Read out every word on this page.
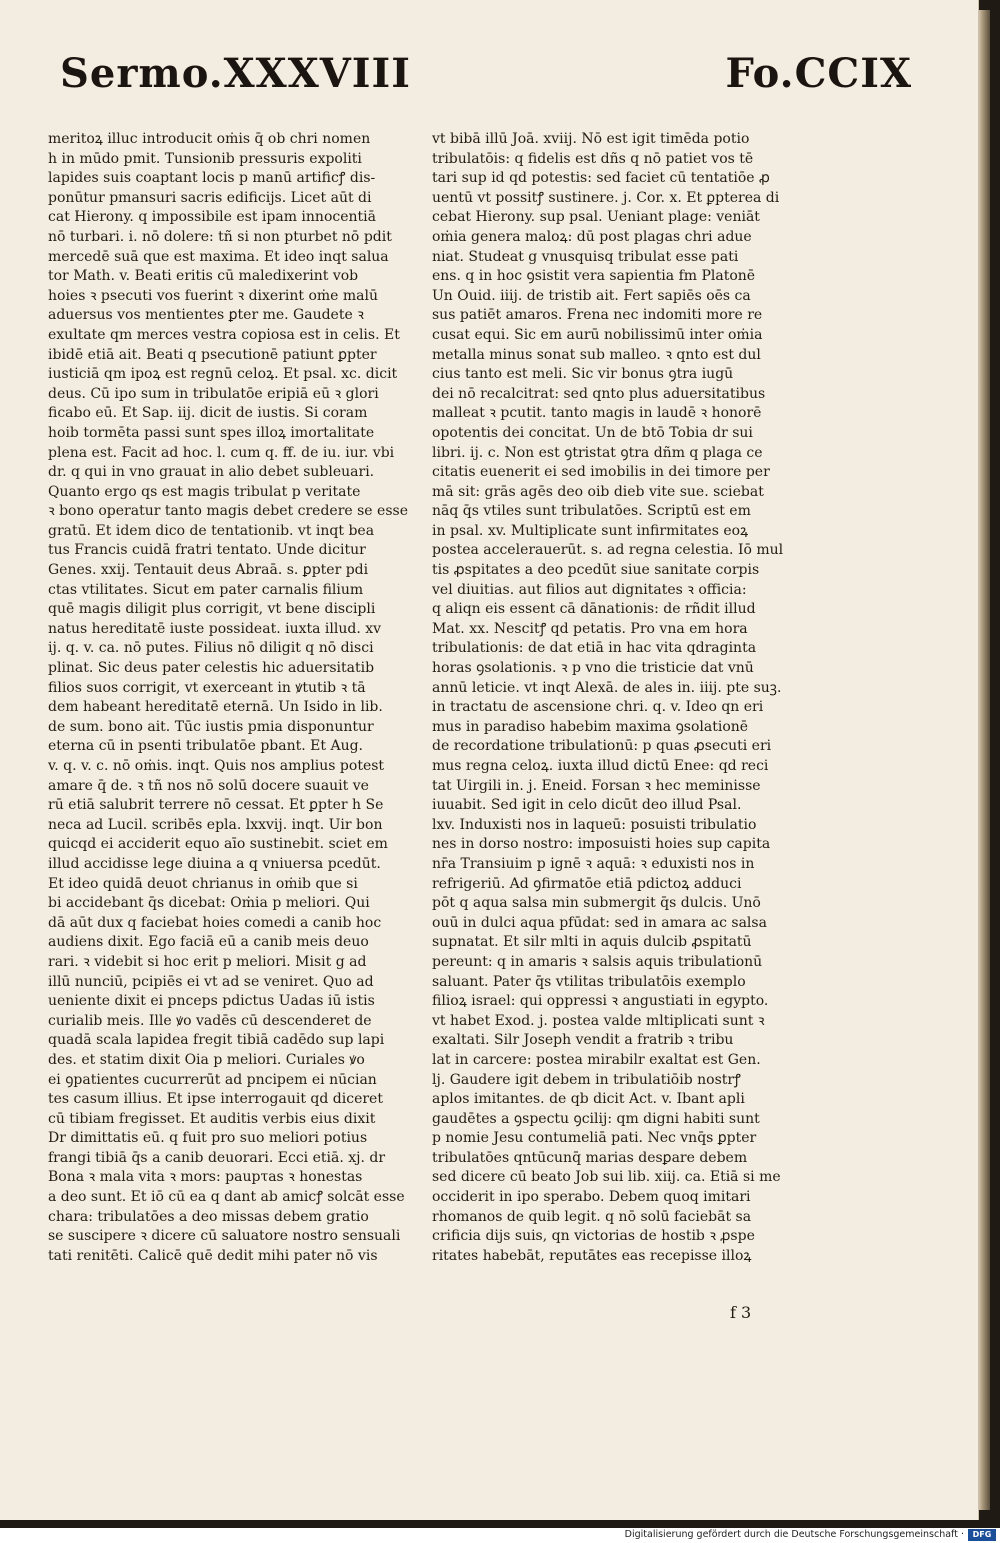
Sermo.XXXVIII	Fo.CCIX
meritoꝝ illuc introducit oṁis q̄ ob chri nomen
h in mūdo pmit. Tunsionib pressuris expoliti
lapides suis coaptant locis p manū artificꝭ dis-
ponūtur pmansuri sacris edificijs. Licet aūt di
cat Hierony. q impossibile est ipam innocentiā
nō turbari. i. nō dolere: tñ si non pturbet nō pdit
mercedē suā que est maxima. Et ideo inqt salua
tor Math. v. Beati eritis cū maledixerint vob
hoies ꝛ psecuti vos fuerint ꝛ dixerint oṁe malū
aduersus vos mentientes ꝑter me. Gaudete ꝛ
exultate qm merces vestra copiosa est in celis. Et
ibidē etiā ait. Beati q psecutionē patiunt ꝑpter
iusticiā qm ipoꝝ est regnū celoꝝ. Et psal. xc. dicit
deus. Cū ipo sum in tribulatōe eripiā eū ꝛ glori
ficabo eū. Et Sap. iij. dicit de iustis. Si coram
hoib tormēta passi sunt spes illoꝝ imortalitate
plena est. Facit ad hoc. l. cum q. ff. de iu. iur. vbi
dr. q qui in vno grauat in alio debet subleuari.
Quanto ergo qs est magis tribulat p veritate
ꝛ bono operatur tanto magis debet credere se esse
gratū. Et idem dico de tentationib. vt inqt bea
tus Francis cuidā fratri tentato. Unde dicitur
Genes. xxij. Tentauit deus Abraā. s. ꝑpter pdi
ctas vtilitates. Sicut em pater carnalis filium
quē magis diligit plus corrigit, vt bene discipli
natus hereditatē iuste possideat. iuxta illud. xv
ij. q. v. ca. nō putes. Filius nō diligit q nō disci
plinat. Sic deus pater celestis hic aduersitatib
filios suos corrigit, vt exerceant in ꝟtutib ꝛ tā
dem habeant hereditatē eternā. Un Isido in lib.
de sum. bono ait. Tūc iustis pmia disponuntur
eterna cū in psenti tribulatōe pbant. Et Aug.
v. q. v. c. nō oṁis. inqt. Quis nos amplius potest
amare q̄ de. ꝛ tñ nos nō solū docere suauit ve
rū etiā salubrit terrere nō cessat. Et ꝑpter h Se
neca ad Lucil. scribēs epla. lxxvij. inqt. Uir bon
quicqd ei acciderit equo aīo sustinebit. sciet em
illud accidisse lege diuina a q vniuersa pcedūt.
Et ideo quidā deuot chrianus in oṁib que si
bi accidebant q̄s dicebat: Oṁia p meliori. Qui
dā aūt dux q faciebat hoies comedi a canib hoc
audiens dixit. Ego faciā eū a canib meis deuo
rari. ꝛ videbit si hoc erit p meliori. Misit g ad
illū nunciū, pcipiēs ei vt ad se veniret. Quo ad
ueniente dixit ei pnceps pdictus Uadas iū istis
curialib meis. Ille ꝟo vadēs cū descenderet de
quadā scala lapidea fregit tibiā cadēdo sup lapi
des. et statim dixit Oia p meliori. Curiales ꝟo
ei ꝯpatientes cucurrerūt ad pncipem ei nūcian
tes casum illius. Et ipse interrogauit qd diceret
cū tibiam fregisset. Et auditis verbis eius dixit
Dr dimittatis eū. q fuit pro suo meliori potius
frangi tibiā q̄s a canib deuorari. Ecci etiā. xj. dr
Bona ꝛ mala vita ꝛ mors: paupτas ꝛ honestas
a deo sunt. Et iō cū ea q dant ab amicꝭ solcāt esse
chara: tribulatōes a deo missas debem gratio
se suscipere ꝛ dicere cū saluatore nostro sensuali
tati renitēti. Calicē quē dedit mihi pater nō vis
vt bibā illū Joā. xviij. Nō est igit timēda potio
tribulatōis: q fidelis est dñs q nō patiet vos tē
tari sup id qd potestis: sed faciet cū tentatiōe ꝓ
uentū vt possitꝭ sustinere. j. Cor. x. Et ꝑpterea di
cebat Hierony. sup psal. Ueniant plage: veniāt
oṁia genera maloꝝ: dū post plagas chri adue
niat. Studeat g vnusquisq tribulat esse pati
ens. q in hoc ꝯsistit vera sapientia fm Platonē
Un Ouid. iiij. de tristib ait. Fert sapiēs oēs ca
sus patiēt amaros. Frena nec indomiti more re
cusat equi. Sic em aurū nobilissimū inter oṁia
metalla minus sonat sub malleo. ꝛ qnto est dul
cius tanto est meli. Sic vir bonus ꝯtra iugū
dei nō recalcitrat: sed qnto plus aduersitatibus
malleat ꝛ pcutit. tanto magis in laudē ꝛ honorē
opotentis dei concitat. Un de btō Tobia dr sui
libri. ij. c. Non est ꝯtristat ꝯtra dñm q plaga ce
citatis euenerit ei sed imobilis in dei timore per
mā sit: grās agēs deo oib dieb vite sue. sciebat
nāq q̄s vtiles sunt tribulatōes. Scriptū est em
in psal. xv. Multiplicate sunt infirmitates eoꝝ
postea accelerauerūt. s. ad regna celestia. Iō mul
tis ꝓspitates a deo pcedūt siue sanitate corpis
vel diuitias. aut filios aut dignitates ꝛ officia:
q aliqn eis essent cā dānationis: de rñdit illud
Mat. xx. Nescitꝭ qd petatis. Pro vna em hora
tribulationis: de dat etiā in hac vita qdraginta
horas ꝯsolationis. ꝛ p vno die tristicie dat vnū
annū leticie. vt inqt Alexā. de ales in. iiij. pte suꝫ.
in tractatu de ascensione chri. q. v. Ideo qn eri
mus in paradiso habebim maxima ꝯsolationē
de recordatione tribulationū: p quas ꝓsecuti eri
mus regna celoꝝ. iuxta illud dictū Enee: qd reci
tat Uirgili in. j. Eneid. Forsan ꝛ hec meminisse
iuuabit. Sed igit in celo dicūt deo illud Psal.
lxv. Induxisti nos in laqueū: posuisti tribulatio
nes in dorso nostro: imposuisti hoies sup capita
nr̄a Transiuim p ignē ꝛ aquā: ꝛ eduxisti nos in
refrigeriū. Ad ꝯfirmatōe etiā pdictoꝝ adduci
pōt q aqua salsa min submergit q̄s dulcis. Unō
ouū in dulci aqua pfūdat: sed in amara ac salsa
supnatat. Et silr mlti in aquis dulcib ꝓspitatū
pereunt: q in amaris ꝛ salsis aquis tribulationū
saluant. Pater q̄s vtilitas tribulatōis exemplo
filioꝝ israel: qui oppressi ꝛ angustiati in egypto.
vt habet Exod. j. postea valde mltiplicati sunt ꝛ
exaltati. Silr Joseph vendit a fratrib ꝛ tribu
lat in carcere: postea mirabilr exaltat est Gen.
lj. Gaudere igit debem in tribulatiōib nostrꝭ
aplos imitantes. de qb dicit Act. v. Ibant apli
gaudētes a ꝯspectu ꝯcilij: qm digni habiti sunt
p nomie Jesu contumeliā pati. Nec vnq̄s ꝑpter
tribulatōes qntūcunq̄ marias desꝑare debem
sed dicere cū beato Job sui lib. xiij. ca. Etiā si me
occiderit in ipo sperabo. Debem quoq imitari
rhomanos de quib legit. q nō solū faciebāt sa
crificia dijs suis, qn victorias de hostib ꝛ ꝓspe
ritates habebāt, reputātes eas recepisse illoꝝ
f 3
Digitalisierung gefördert durch die Deutsche Forschungsgemeinschaft ·	DFG
